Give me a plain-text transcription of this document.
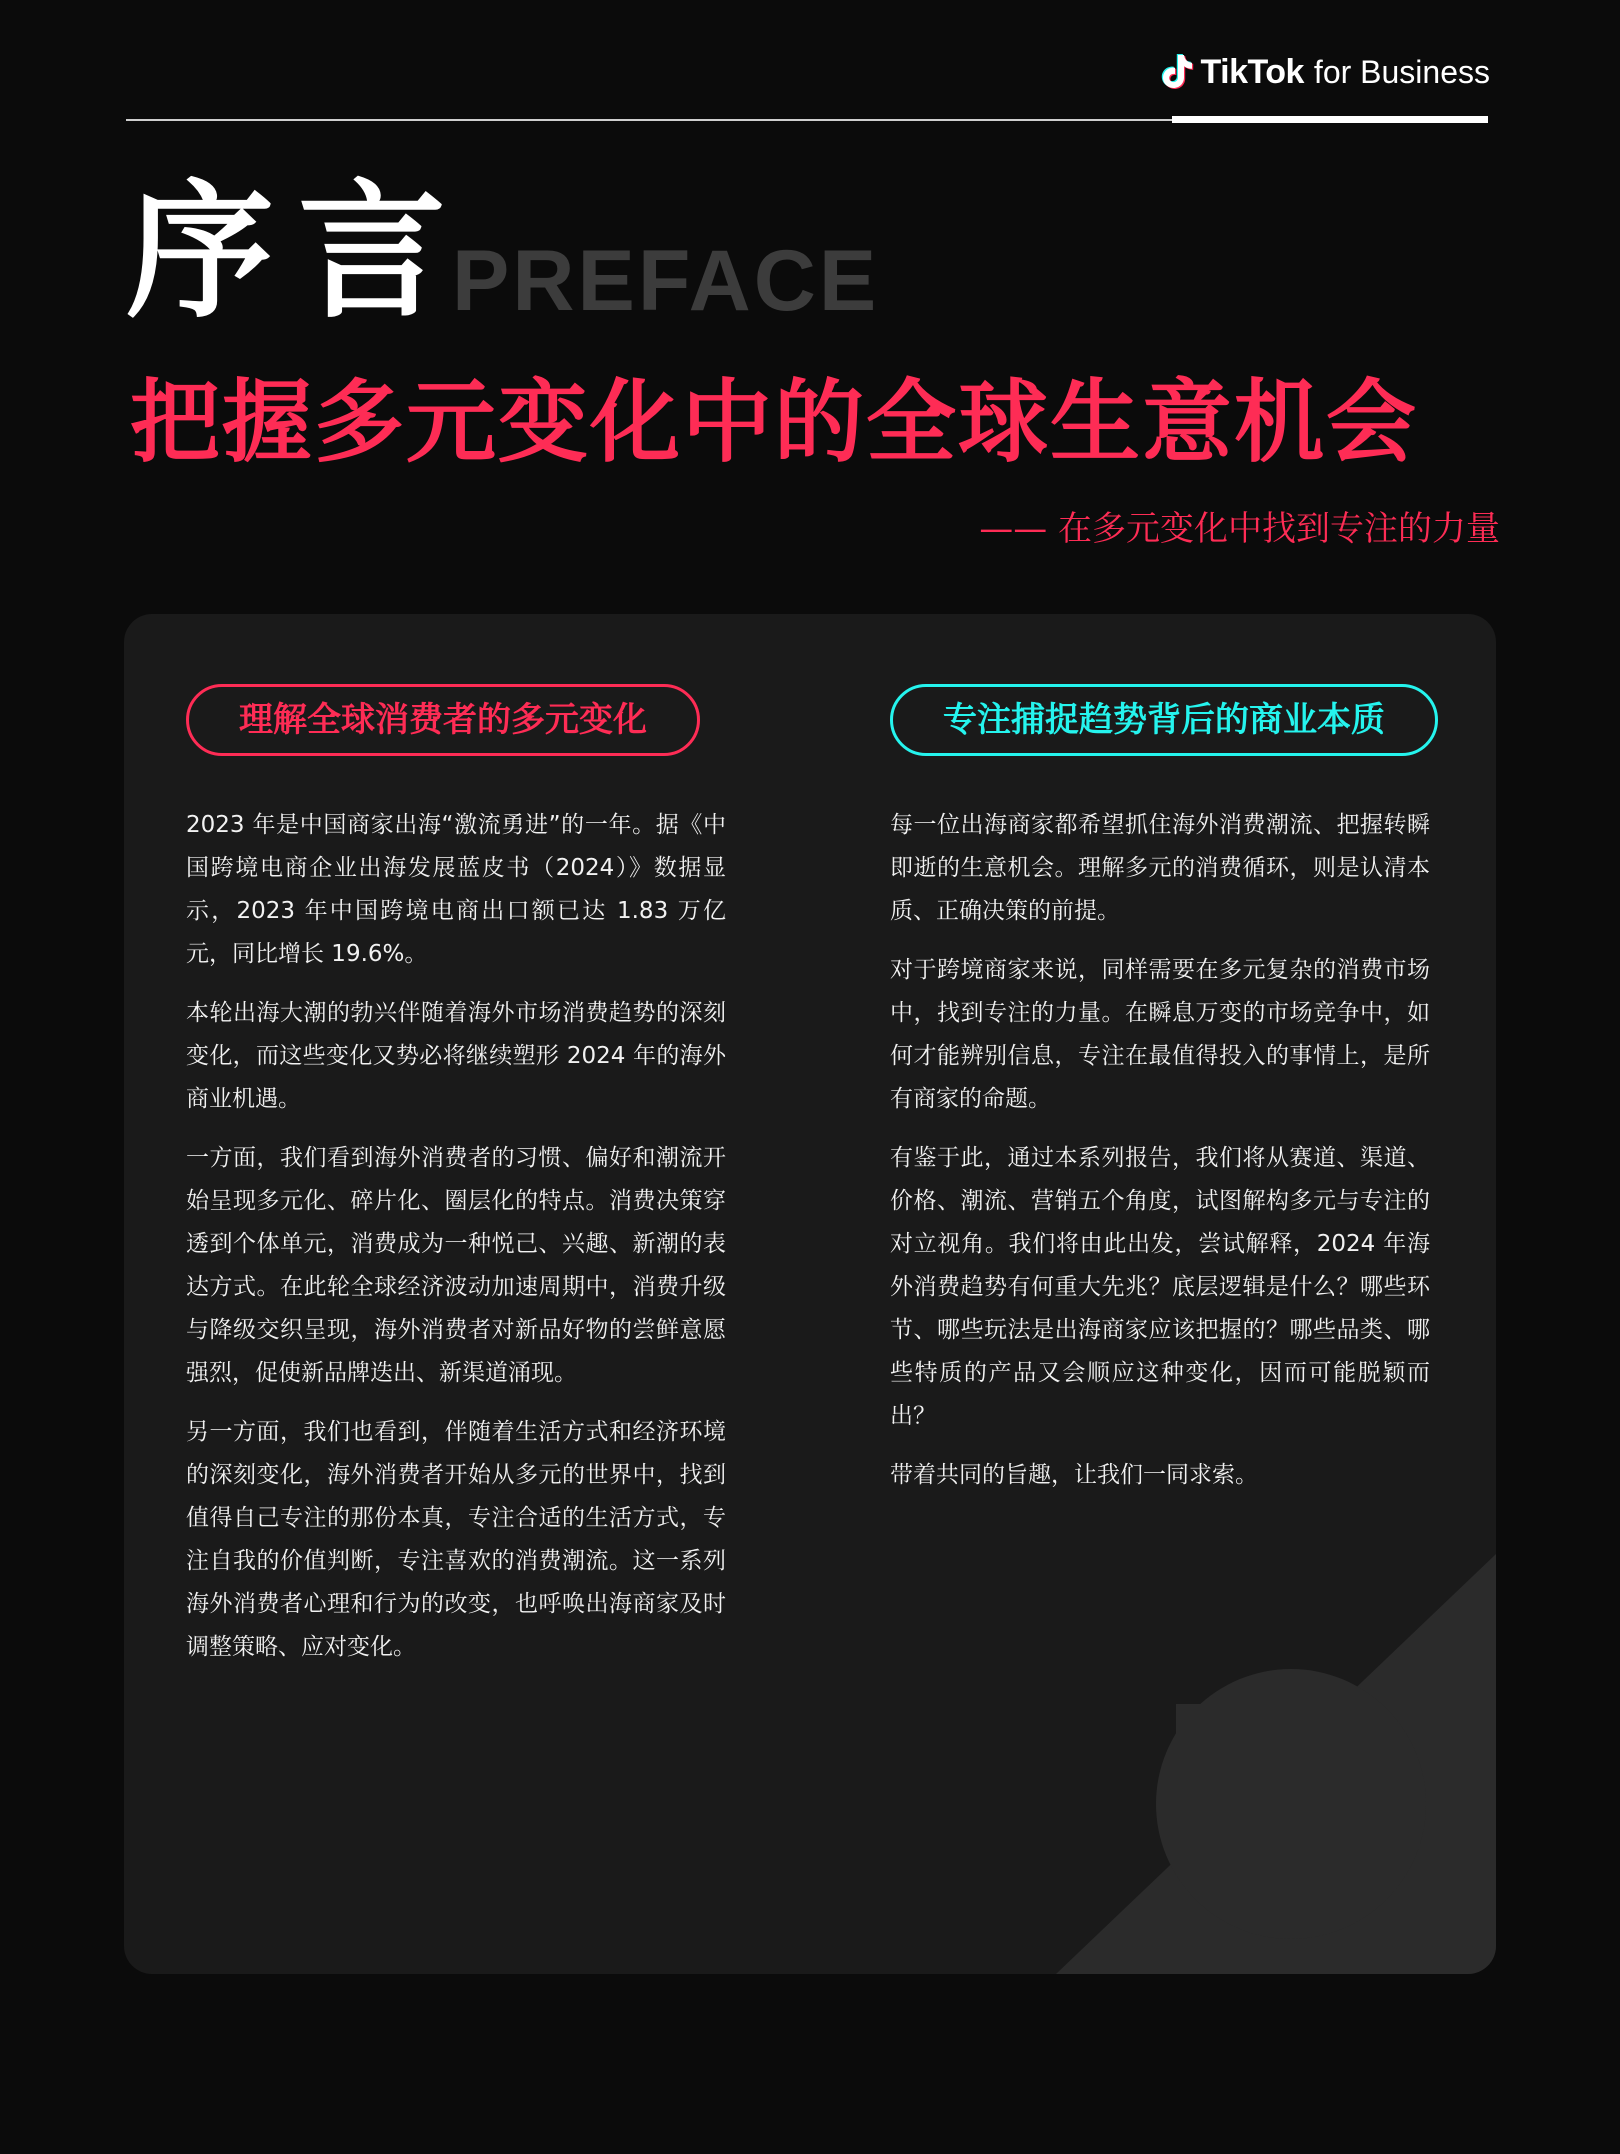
TikTok for Business
序言
PREFACE
把握多元变化中的全球生意机会
—— 在多元变化中找到专注的力量
理解全球消费者的多元变化

2023 年是中国商家出海“激流勇进”的一年。据《中国跨境电商企业出海发展蓝皮书（2024）》数据显示，2023 年中国跨境电商出口额已达 1.83 万亿元，同比增长 19.6%。

本轮出海大潮的勃兴伴随着海外市场消费趋势的深刻变化，而这些变化又势必将继续塑形 2024 年的海外商业机遇。

一方面，我们看到海外消费者的习惯、偏好和潮流开始呈现多元化、碎片化、圈层化的特点。消费决策穿透到个体单元，消费成为一种悦己、兴趣、新潮的表达方式。在此轮全球经济波动加速周期中，消费升级与降级交织呈现，海外消费者对新品好物的尝鲜意愿强烈，促使新品牌迭出、新渠道涌现。

另一方面，我们也看到，伴随着生活方式和经济环境的深刻变化，海外消费者开始从多元的世界中，找到值得自己专注的那份本真，专注合适的生活方式，专注自我的价值判断，专注喜欢的消费潮流。这一系列海外消费者心理和行为的改变，也呼唤出海商家及时调整策略、应对变化。

专注捕捉趋势背后的商业本质

每一位出海商家都希望抓住海外消费潮流、把握转瞬即逝的生意机会。理解多元的消费循环，则是认清本质、正确决策的前提。

对于跨境商家来说，同样需要在多元复杂的消费市场中，找到专注的力量。在瞬息万变的市场竞争中，如何才能辨别信息，专注在最值得投入的事情上，是所有商家的命题。

有鉴于此，通过本系列报告，我们将从赛道、渠道、价格、潮流、营销五个角度，试图解构多元与专注的对立视角。我们将由此出发，尝试解释，2024 年海外消费趋势有何重大先兆？底层逻辑是什么？哪些环节、哪些玩法是出海商家应该把握的？哪些品类、哪些特质的产品又会顺应这种变化，因而可能脱颖而出？

带着共同的旨趣，让我们一同求索。
